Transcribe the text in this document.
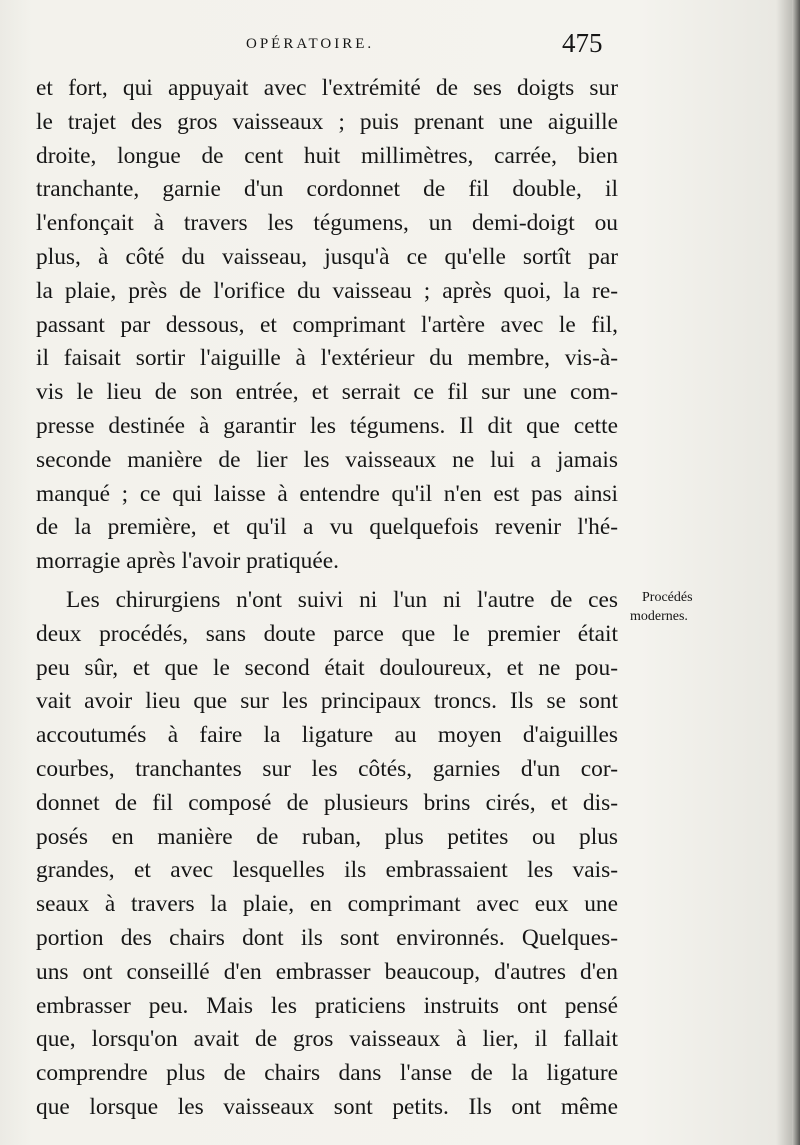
OPÉRATOIRE.	475
et fort, qui appuyait avec l'extrémité de ses doigts sur
le trajet des gros vaisseaux ; puis prenant une aiguille
droite, longue de cent huit millimètres, carrée, bien
tranchante, garnie d'un cordonnet de fil double, il
l'enfonçait à travers les tégumens, un demi-doigt ou
plus, à côté du vaisseau, jusqu'à ce qu'elle sortît par
la plaie, près de l'orifice du vaisseau ; après quoi, la re-
passant par dessous, et comprimant l'artère avec le fil,
il faisait sortir l'aiguille à l'extérieur du membre, vis-à-
vis le lieu de son entrée, et serrait ce fil sur une com-
presse destinée à garantir les tégumens. Il dit que cette
seconde manière de lier les vaisseaux ne lui a jamais
manqué ; ce qui laisse à entendre qu'il n'en est pas ainsi
de la première, et qu'il a vu quelquefois revenir l'hé-
morragie après l'avoir pratiquée.
Les chirurgiens n'ont suivi ni l'un ni l'autre de ces
deux procédés, sans doute parce que le premier était
peu sûr, et que le second était douloureux, et ne pou-
vait avoir lieu que sur les principaux troncs. Ils se sont
accoutumés à faire la ligature au moyen d'aiguilles
courbes, tranchantes sur les côtés, garnies d'un cor-
donnet de fil composé de plusieurs brins cirés, et dis-
posés en manière de ruban, plus petites ou plus
grandes, et avec lesquelles ils embrassaient les vais-
seaux à travers la plaie, en comprimant avec eux une
portion des chairs dont ils sont environnés. Quelques-
uns ont conseillé d'en embrasser beaucoup, d'autres d'en
embrasser peu. Mais les praticiens instruits ont pensé
que, lorsqu'on avait de gros vaisseaux à lier, il fallait
comprendre plus de chairs dans l'anse de la ligature
que lorsque les vaisseaux sont petits. Ils ont même
Procédés
modernes.
